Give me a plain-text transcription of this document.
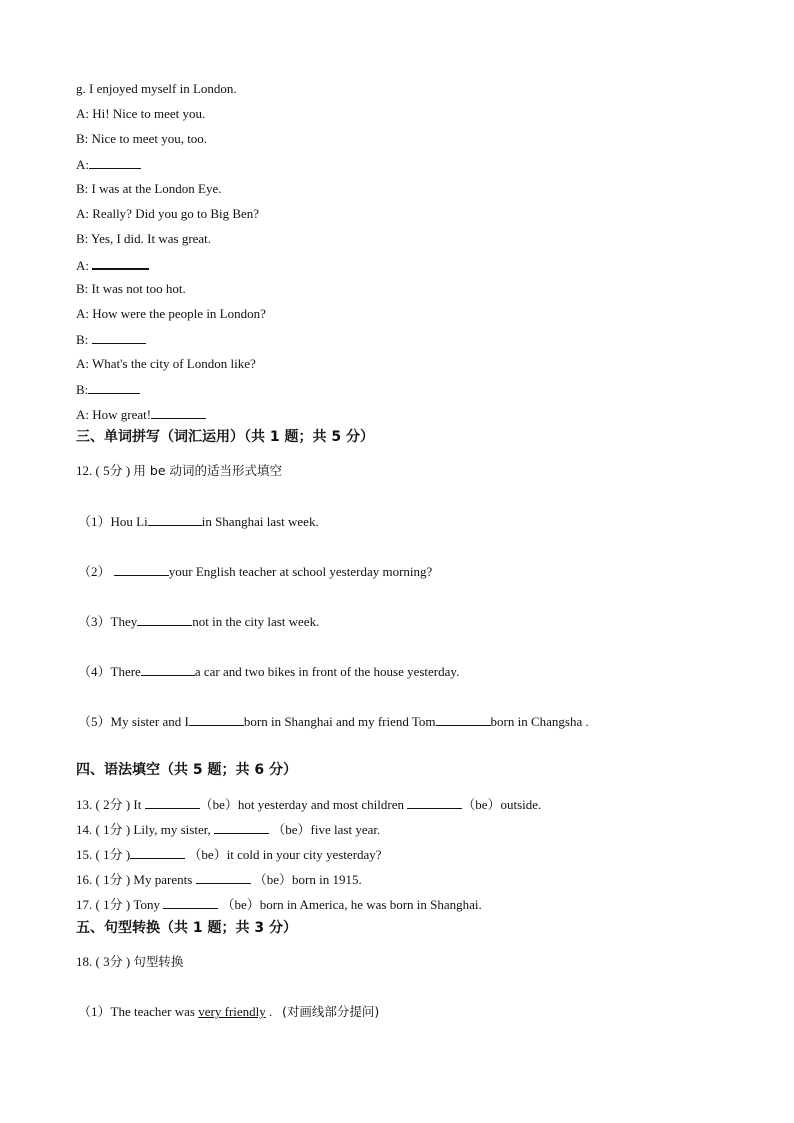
g. I enjoyed myself in London.
A: Hi! Nice to meet you.
B: Nice to meet you, too.
A:
B: I was at the London Eye.
A: Really? Did you go to Big Ben?
B: Yes, I did. It was great.
A:
B: It was not too hot.
A: How were the people in London?
B:
A: What's the city of London like?
B:
A: How great!
三、单词拼写（词汇运用）（共 1 题；共 5 分）
12. ( 5分 ) 用 be 动词的适当形式填空
（1）Hou Li	in Shanghai last week.
（2）	your English teacher at school yesterday morning?
（3）They	not in the city last week.
（4）There	a car and two bikes in front of the house yesterday.
（5）My sister and I	born in Shanghai and my friend Tom	born in Changsha .
四、语法填空（共 5 题；共 6 分）
13. ( 2分 ) It	（be）hot yesterday and most children	（be）outside.
14. ( 1分 ) Lily, my sister,	（be）five last year.
15. ( 1分 )	（be）it cold in your city yesterday?
16. ( 1分 ) My parents	（be）born in 1915.
17. ( 1分 ) Tony	（be）born in America, he was born in Shanghai.
五、句型转换（共 1 题；共 3 分）
18. ( 3分 ) 句型转换
（1）The teacher was very friendly . (对画线部分提问)
